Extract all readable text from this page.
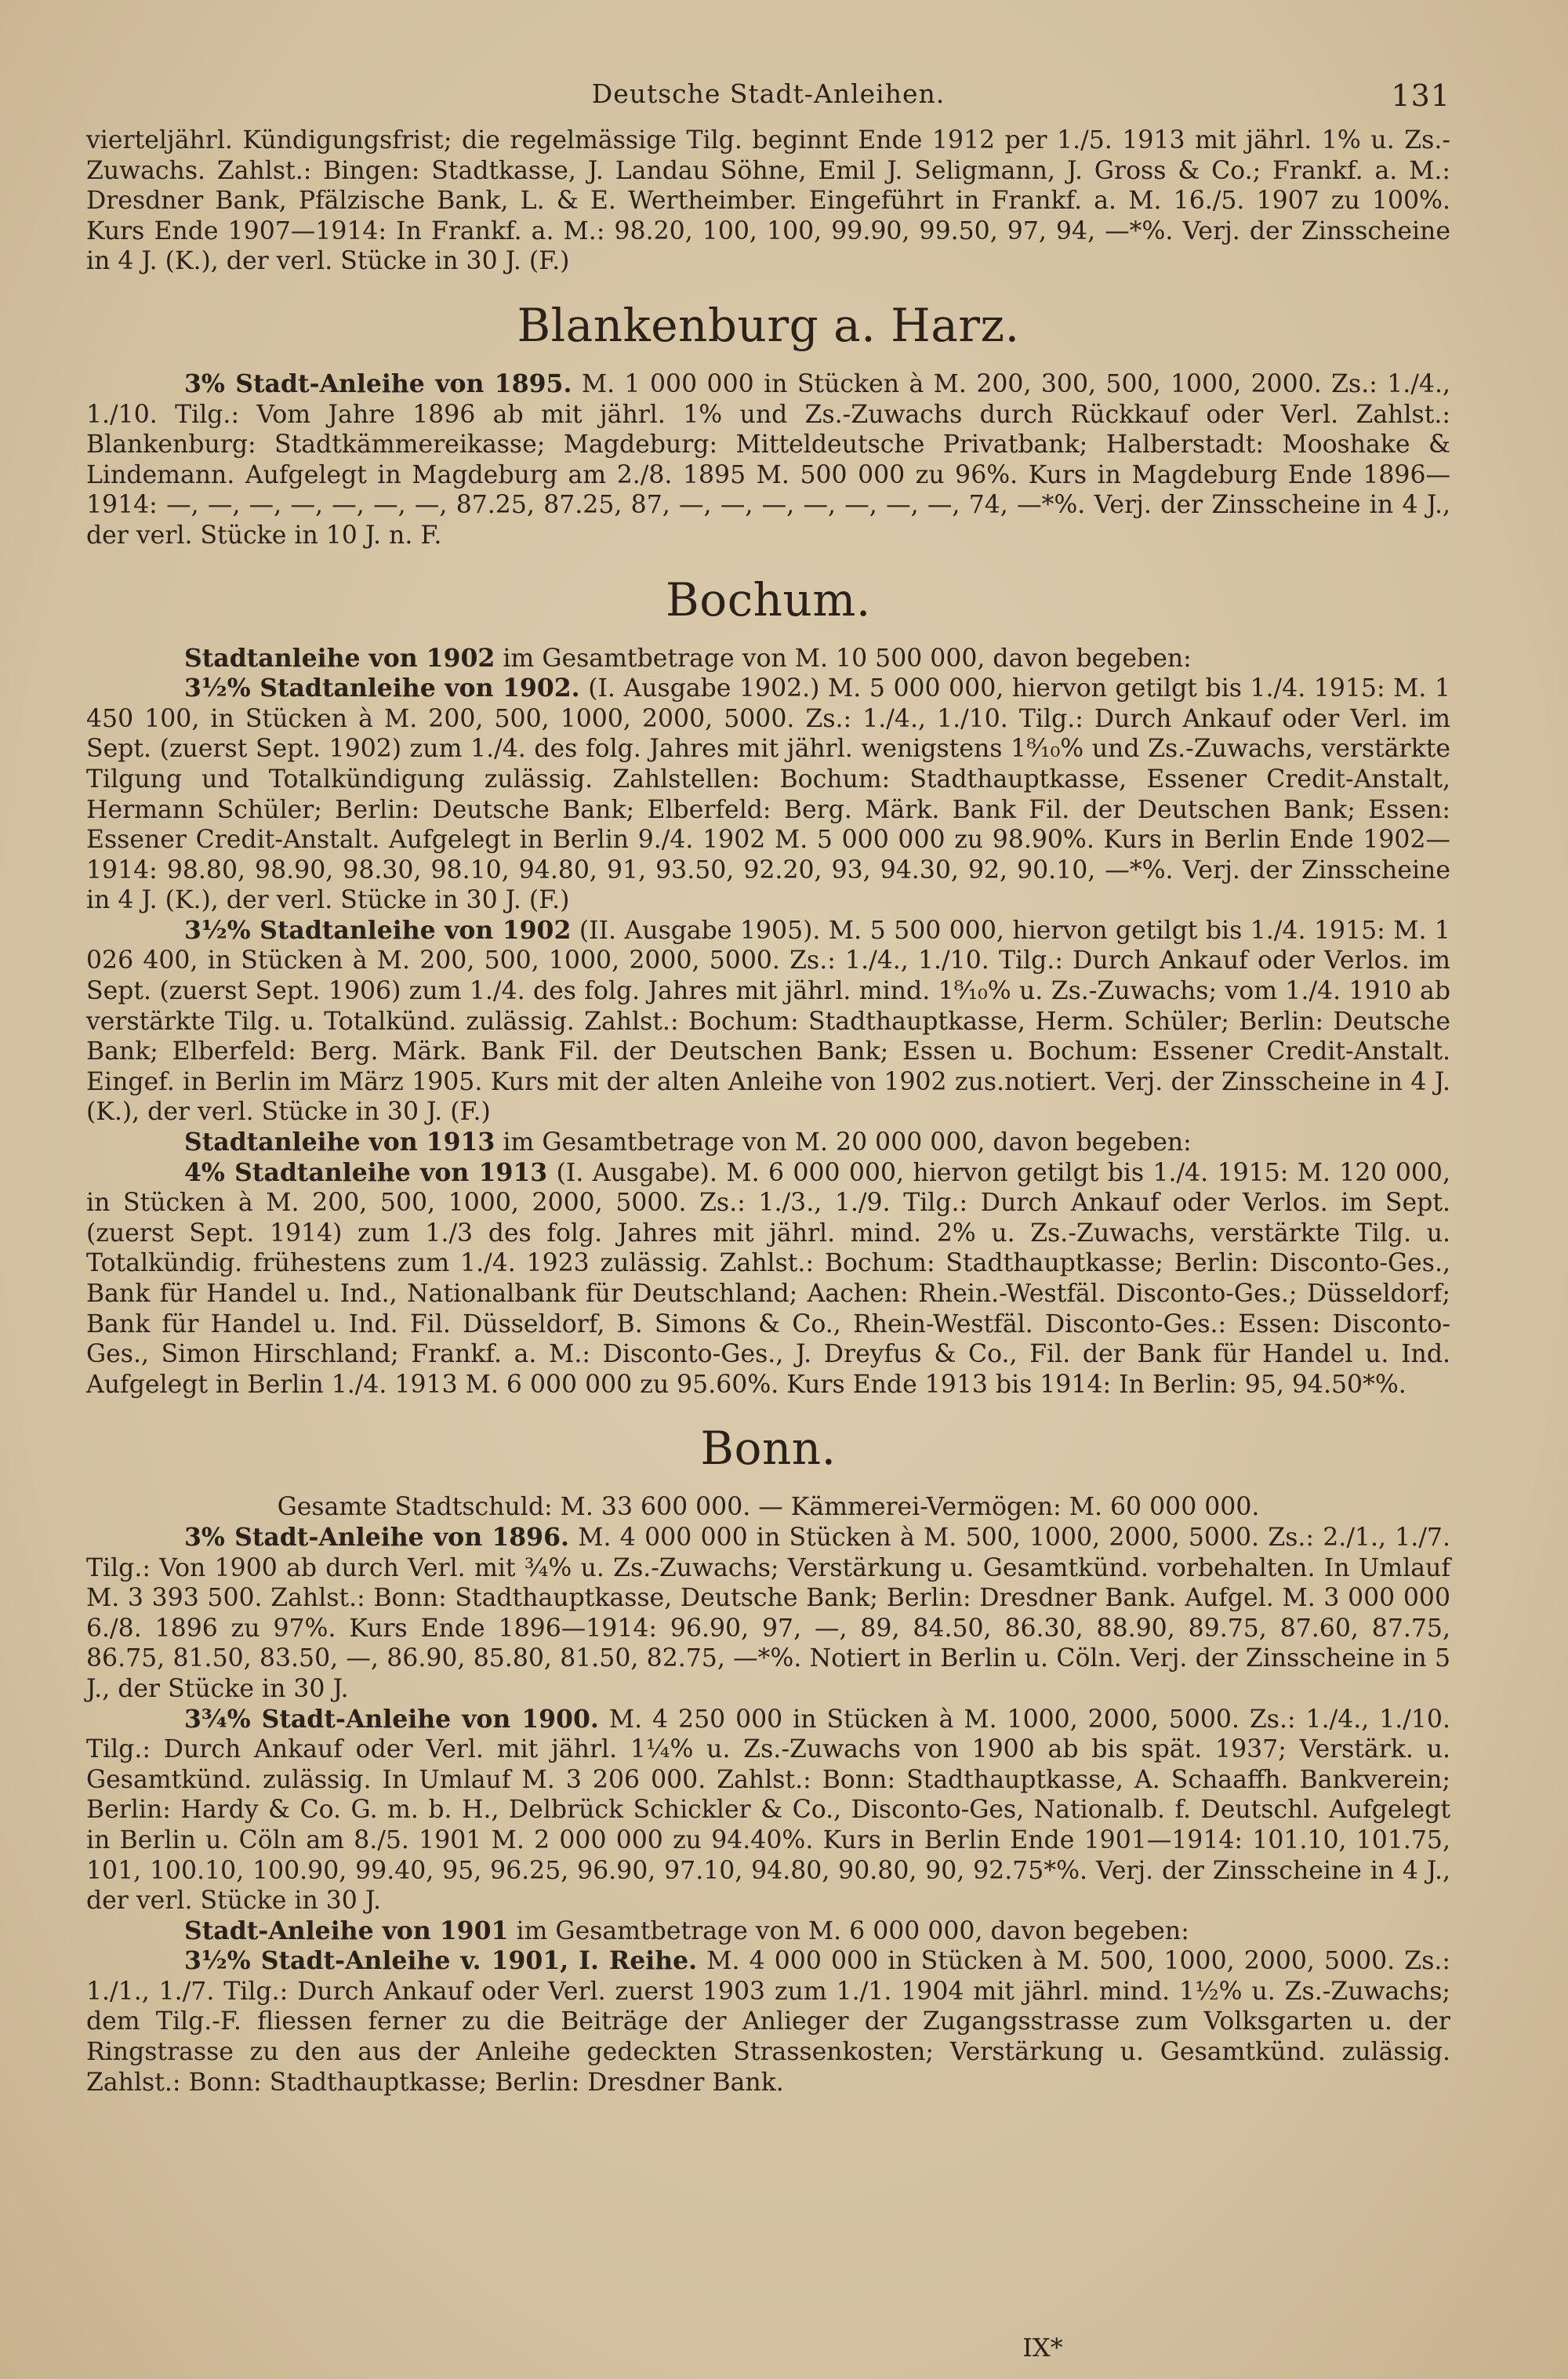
Deutsche Stadt-Anleihen.	131

vierteljährl. Kündigungsfrist; die regelmässige Tilg. beginnt Ende 1912 per 1./5. 1913 mit jährl. 1% u. Zs.-Zuwachs. Zahlst.: Bingen: Stadtkasse, J. Landau Söhne, Emil J. Seligmann, J. Gross & Co.; Frankf. a. M.: Dresdner Bank, Pfälzische Bank, L. & E. Wertheimber. Eingeführt in Frankf. a. M. 16./5. 1907 zu 100%. Kurs Ende 1907—1914: In Frankf. a. M.: 98.20, 100, 100, 99.90, 99.50, 97, 94, —*%. Verj. der Zinsscheine in 4 J. (K.), der verl. Stücke in 30 J. (F.)

Blankenburg a. Harz.

3% Stadt-Anleihe von 1895. M. 1 000 000 in Stücken à M. 200, 300, 500, 1000, 2000. Zs.: 1./4., 1./10. Tilg.: Vom Jahre 1896 ab mit jährl. 1% und Zs.-Zuwachs durch Rückkauf oder Verl. Zahlst.: Blankenburg: Stadtkämmereikasse; Magdeburg: Mitteldeutsche Privatbank; Halberstadt: Mooshake & Lindemann. Aufgelegt in Magdeburg am 2./8. 1895 M. 500 000 zu 96%. Kurs in Magdeburg Ende 1896—1914: —, —, —, —, —, —, —, 87.25, 87.25, 87, —, —, —, —, —, —, —, 74, —*%. Verj. der Zinsscheine in 4 J., der verl. Stücke in 10 J. n. F.

Bochum.

Stadtanleihe von 1902 im Gesamtbetrage von M. 10 500 000, davon begeben:

3½% Stadtanleihe von 1902. (I. Ausgabe 1902.) M. 5 000 000, hiervon getilgt bis 1./4. 1915: M. 1 450 100, in Stücken à M. 200, 500, 1000, 2000, 5000. Zs.: 1./4., 1./10. Tilg.: Durch Ankauf oder Verl. im Sept. (zuerst Sept. 1902) zum 1./4. des folg. Jahres mit jährl. wenigstens 1⁸⁄₁₀% und Zs.-Zuwachs, verstärkte Tilgung und Totalkündigung zulässig. Zahlstellen: Bochum: Stadthauptkasse, Essener Credit-Anstalt, Hermann Schüler; Berlin: Deutsche Bank; Elberfeld: Berg. Märk. Bank Fil. der Deutschen Bank; Essen: Essener Credit-Anstalt. Aufgelegt in Berlin 9./4. 1902 M. 5 000 000 zu 98.90%. Kurs in Berlin Ende 1902—1914: 98.80, 98.90, 98.30, 98.10, 94.80, 91, 93.50, 92.20, 93, 94.30, 92, 90.10, —*%. Verj. der Zinsscheine in 4 J. (K.), der verl. Stücke in 30 J. (F.)

3½% Stadtanleihe von 1902 (II. Ausgabe 1905). M. 5 500 000, hiervon getilgt bis 1./4. 1915: M. 1 026 400, in Stücken à M. 200, 500, 1000, 2000, 5000. Zs.: 1./4., 1./10. Tilg.: Durch Ankauf oder Verlos. im Sept. (zuerst Sept. 1906) zum 1./4. des folg. Jahres mit jährl. mind. 1⁸⁄₁₀% u. Zs.-Zuwachs; vom 1./4. 1910 ab verstärkte Tilg. u. Totalkünd. zulässig. Zahlst.: Bochum: Stadthauptkasse, Herm. Schüler; Berlin: Deutsche Bank; Elberfeld: Berg. Märk. Bank Fil. der Deutschen Bank; Essen u. Bochum: Essener Credit-Anstalt. Eingef. in Berlin im März 1905. Kurs mit der alten Anleihe von 1902 zus.notiert. Verj. der Zinsscheine in 4 J. (K.), der verl. Stücke in 30 J. (F.)

Stadtanleihe von 1913 im Gesamtbetrage von M. 20 000 000, davon begeben:

4% Stadtanleihe von 1913 (I. Ausgabe). M. 6 000 000, hiervon getilgt bis 1./4. 1915: M. 120 000, in Stücken à M. 200, 500, 1000, 2000, 5000. Zs.: 1./3., 1./9. Tilg.: Durch Ankauf oder Verlos. im Sept. (zuerst Sept. 1914) zum 1./3 des folg. Jahres mit jährl. mind. 2% u. Zs.-Zuwachs, verstärkte Tilg. u. Totalkündig. frühestens zum 1./4. 1923 zulässig. Zahlst.: Bochum: Stadthauptkasse; Berlin: Disconto-Ges., Bank für Handel u. Ind., Nationalbank für Deutschland; Aachen: Rhein.-Westfäl. Disconto-Ges.; Düsseldorf; Bank für Handel u. Ind. Fil. Düsseldorf, B. Simons & Co., Rhein-Westfäl. Disconto-Ges.: Essen: Disconto-Ges., Simon Hirschland; Frankf. a. M.: Disconto-Ges., J. Dreyfus & Co., Fil. der Bank für Handel u. Ind. Aufgelegt in Berlin 1./4. 1913 M. 6 000 000 zu 95.60%. Kurs Ende 1913 bis 1914: In Berlin: 95, 94.50*%.

Bonn.

Gesamte Stadtschuld: M. 33 600 000. — Kämmerei-Vermögen: M. 60 000 000.

3% Stadt-Anleihe von 1896. M. 4 000 000 in Stücken à M. 500, 1000, 2000, 5000. Zs.: 2./1., 1./7. Tilg.: Von 1900 ab durch Verl. mit ¾% u. Zs.-Zuwachs; Verstärkung u. Gesamtkünd. vorbehalten. In Umlauf M. 3 393 500. Zahlst.: Bonn: Stadthauptkasse, Deutsche Bank; Berlin: Dresdner Bank. Aufgel. M. 3 000 000 6./8. 1896 zu 97%. Kurs Ende 1896—1914: 96.90, 97, —, 89, 84.50, 86.30, 88.90, 89.75, 87.60, 87.75, 86.75, 81.50, 83.50, —, 86.90, 85.80, 81.50, 82.75, —*%. Notiert in Berlin u. Cöln. Verj. der Zinsscheine in 5 J., der Stücke in 30 J.

3¾% Stadt-Anleihe von 1900. M. 4 250 000 in Stücken à M. 1000, 2000, 5000. Zs.: 1./4., 1./10. Tilg.: Durch Ankauf oder Verl. mit jährl. 1¼% u. Zs.-Zuwachs von 1900 ab bis spät. 1937; Verstärk. u. Gesamtkünd. zulässig. In Umlauf M. 3 206 000. Zahlst.: Bonn: Stadthauptkasse, A. Schaaffh. Bankverein; Berlin: Hardy & Co. G. m. b. H., Delbrück Schickler & Co., Disconto-Ges, Nationalb. f. Deutschl. Aufgelegt in Berlin u. Cöln am 8./5. 1901 M. 2 000 000 zu 94.40%. Kurs in Berlin Ende 1901—1914: 101.10, 101.75, 101, 100.10, 100.90, 99.40, 95, 96.25, 96.90, 97.10, 94.80, 90.80, 90, 92.75*%. Verj. der Zinsscheine in 4 J., der verl. Stücke in 30 J.

Stadt-Anleihe von 1901 im Gesamtbetrage von M. 6 000 000, davon begeben:

3½% Stadt-Anleihe v. 1901, I. Reihe. M. 4 000 000 in Stücken à M. 500, 1000, 2000, 5000. Zs.: 1./1., 1./7. Tilg.: Durch Ankauf oder Verl. zuerst 1903 zum 1./1. 1904 mit jährl. mind. 1½% u. Zs.-Zuwachs; dem Tilg.-F. fliessen ferner zu die Beiträge der Anlieger der Zugangsstrasse zum Volksgarten u. der Ringstrasse zu den aus der Anleihe gedeckten Strassenkosten; Verstärkung u. Gesamtkünd. zulässig. Zahlst.: Bonn: Stadthauptkasse; Berlin: Dresdner Bank.

IX*
